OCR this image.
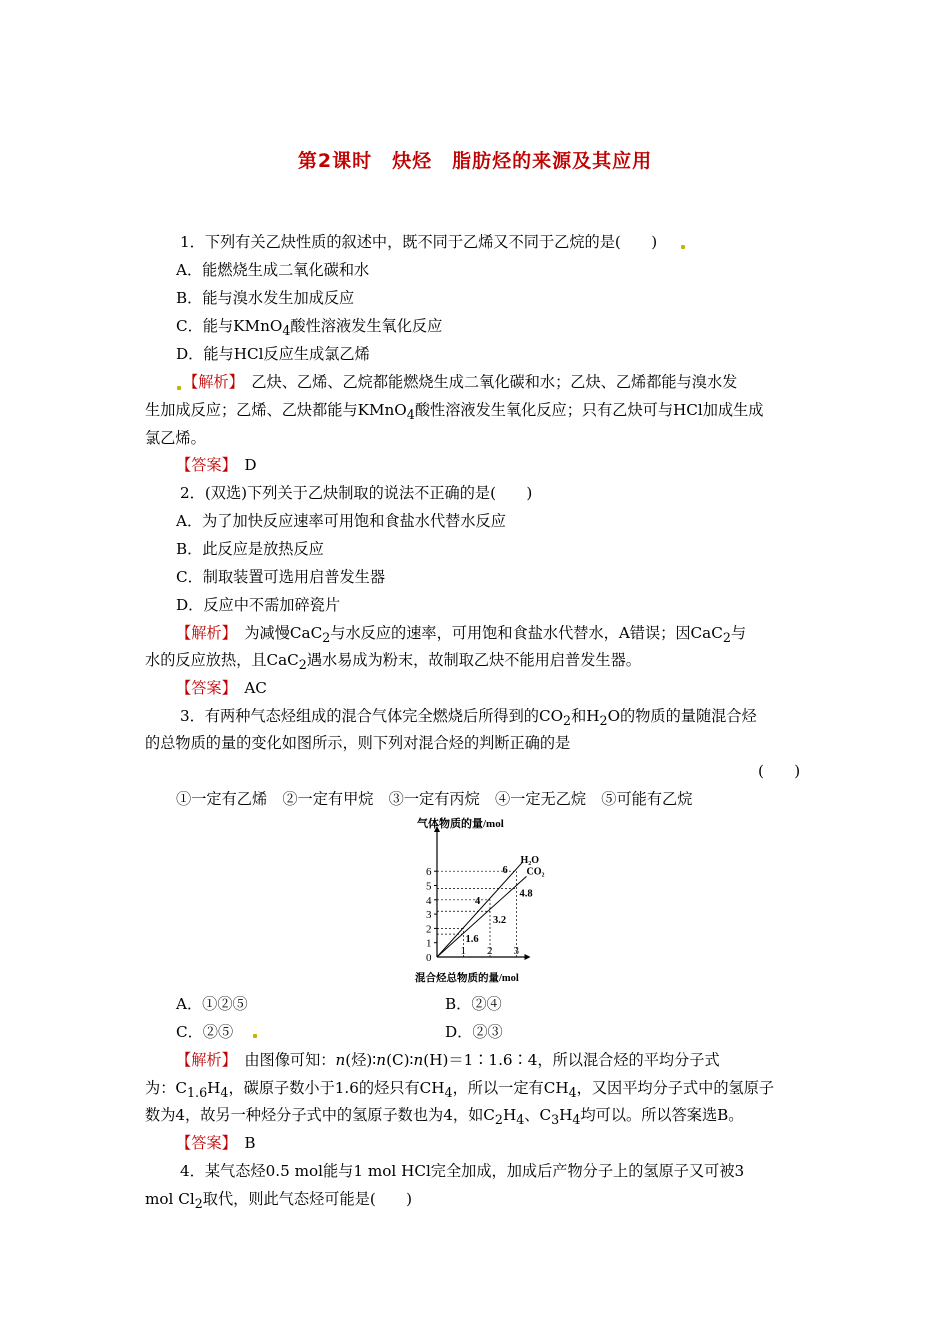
第2课时　炔烃　脂肪烃的来源及其应用
1．下列有关乙炔性质的叙述中，既不同于乙烯又不同于乙烷的是(　　)
A．能燃烧生成二氧化碳和水
B．能与溴水发生加成反应
C．能与KMnO$_4$酸性溶液发生氧化反应
D．能与HCl反应生成氯乙烯
【解析】　乙炔、乙烯、乙烷都能燃烧生成二氧化碳和水；乙炔、乙烯都能与溴水发
生加成反应；乙烯、乙炔都能与KMnO$_4$酸性溶液发生氧化反应；只有乙炔可与HCl加成生成
氯乙烯。
【答案】　D
2．(双选)下列关于乙炔制取的说法不正确的是(　　)
A．为了加快反应速率可用饱和食盐水代替水反应
B．此反应是放热反应
C．制取装置可选用启普发生器
D．反应中不需加碎瓷片
【解析】　为减慢CaC$_2$与水反应的速率，可用饱和食盐水代替水，A错误；因CaC$_2$与
水的反应放热，且CaC$_2$遇水易成为粉末，故制取乙炔不能用启普发生器。
【答案】　AC
3．有两种气态烃组成的混合气体完全燃烧后所得到的$CO_2$和$H_2O$的物质的量随混合烃
的总物质的量的变化如图所示，则下列对混合烃的判断正确的是
(　　)
①一定有乙烯　②一定有甲烷　③一定有丙烷　④一定无乙烷　⑤可能有乙烷
H₂O
CO₂
1
2
3
4
5
6
0
1 2 3
1.6
3.2
4
4.8
6
气体物质的量/mol
混合烃总物质的量/mol
A．①②⑤	B．②④
C．②⑤	D．②③
【解析】　由图像可知：n(烃)∶n(C)∶n(H)＝1∶1.6∶4，所以混合烃的平均分子式
为：$C_{1.6}H_4$，碳原子数小于1.6的烃只有$CH_4$，所以一定有$CH_4$，又因平均分子式中的氢原子
数为4，故另一种烃分子式中的氢原子数也为4，如$C_2H_4$、$C_3H_4$均可以。所以答案选B。
【答案】　B
4．某气态烃0.5 mol能与1 mol HCl完全加成，加成后产物分子上的氢原子又可被3
mol $Cl_2$取代，则此气态烃可能是(　　)
